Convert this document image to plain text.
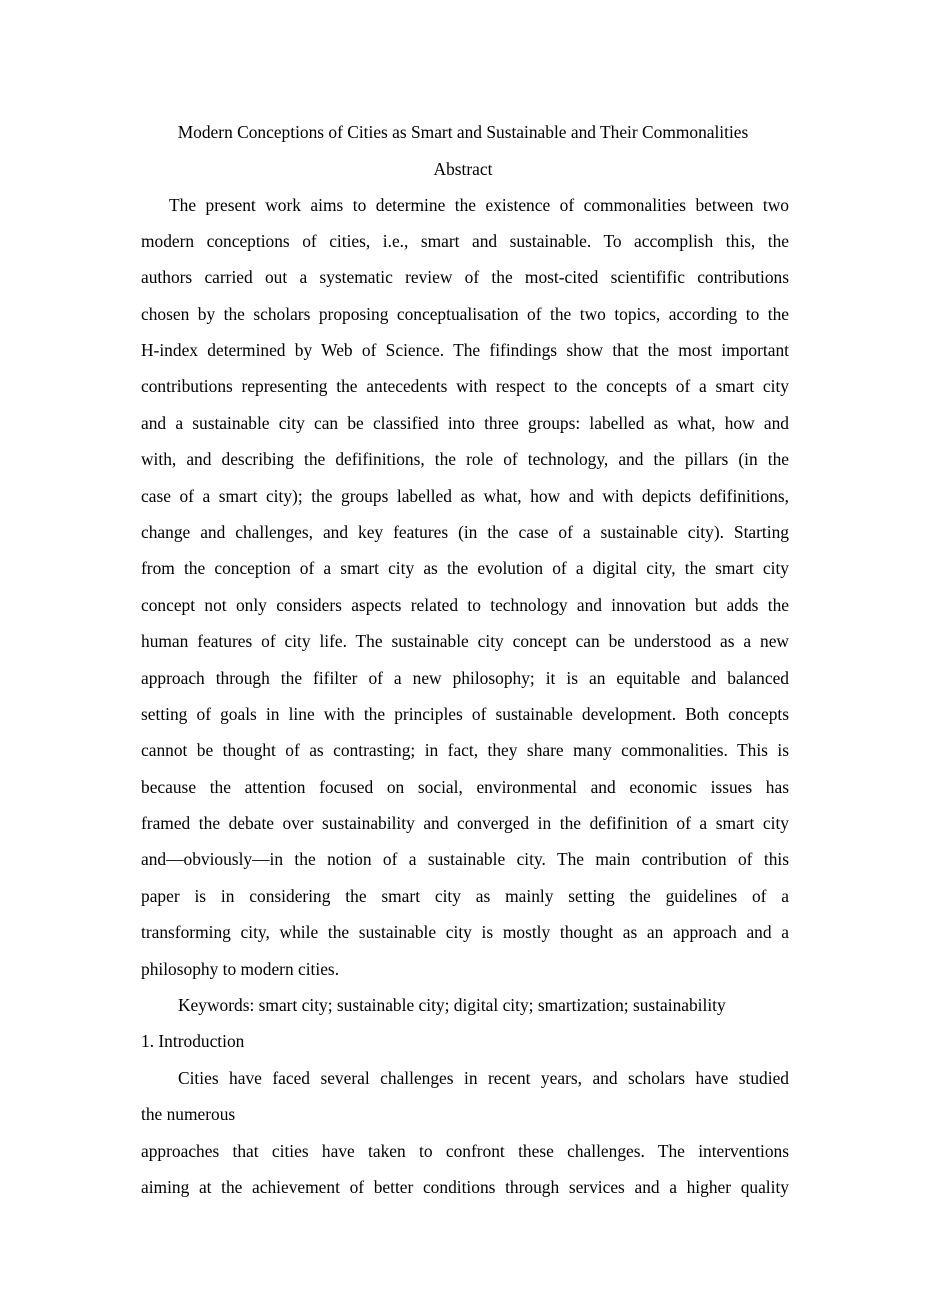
Modern Conceptions of Cities as Smart and Sustainable and Their Commonalities
Abstract
The present work aims to determine the existence of commonalities between two
modern conceptions of cities, i.e., smart and sustainable. To accomplish this, the
authors carried out a systematic review of the most-cited scientifific contributions
chosen by the scholars proposing conceptualisation of the two topics, according to the
H-index determined by Web of Science. The fifindings show that the most important
contributions representing the antecedents with respect to the concepts of a smart city
and a sustainable city can be classified into three groups: labelled as what, how and
with, and describing the defifinitions, the role of technology, and the pillars (in the
case of a smart city); the groups labelled as what, how and with depicts defifinitions,
change and challenges, and key features (in the case of a sustainable city). Starting
from the conception of a smart city as the evolution of a digital city, the smart city
concept not only considers aspects related to technology and innovation but adds the
human features of city life. The sustainable city concept can be understood as a new
approach through the fifilter of a new philosophy; it is an equitable and balanced
setting of goals in line with the principles of sustainable development. Both concepts
cannot be thought of as contrasting; in fact, they share many commonalities. This is
because the attention focused on social, environmental and economic issues has
framed the debate over sustainability and converged in the defifinition of a smart city
and—obviously—in the notion of a sustainable city. The main contribution of this
paper is in considering the smart city as mainly setting the guidelines of a
transforming city, while the sustainable city is mostly thought as an approach and a
philosophy to modern cities.
Keywords: smart city; sustainable city; digital city; smartization; sustainability
1. Introduction
Cities have faced several challenges in recent years, and scholars have studied
the numerous
approaches that cities have taken to confront these challenges. The interventions
aiming at the achievement of better conditions through services and a higher quality
